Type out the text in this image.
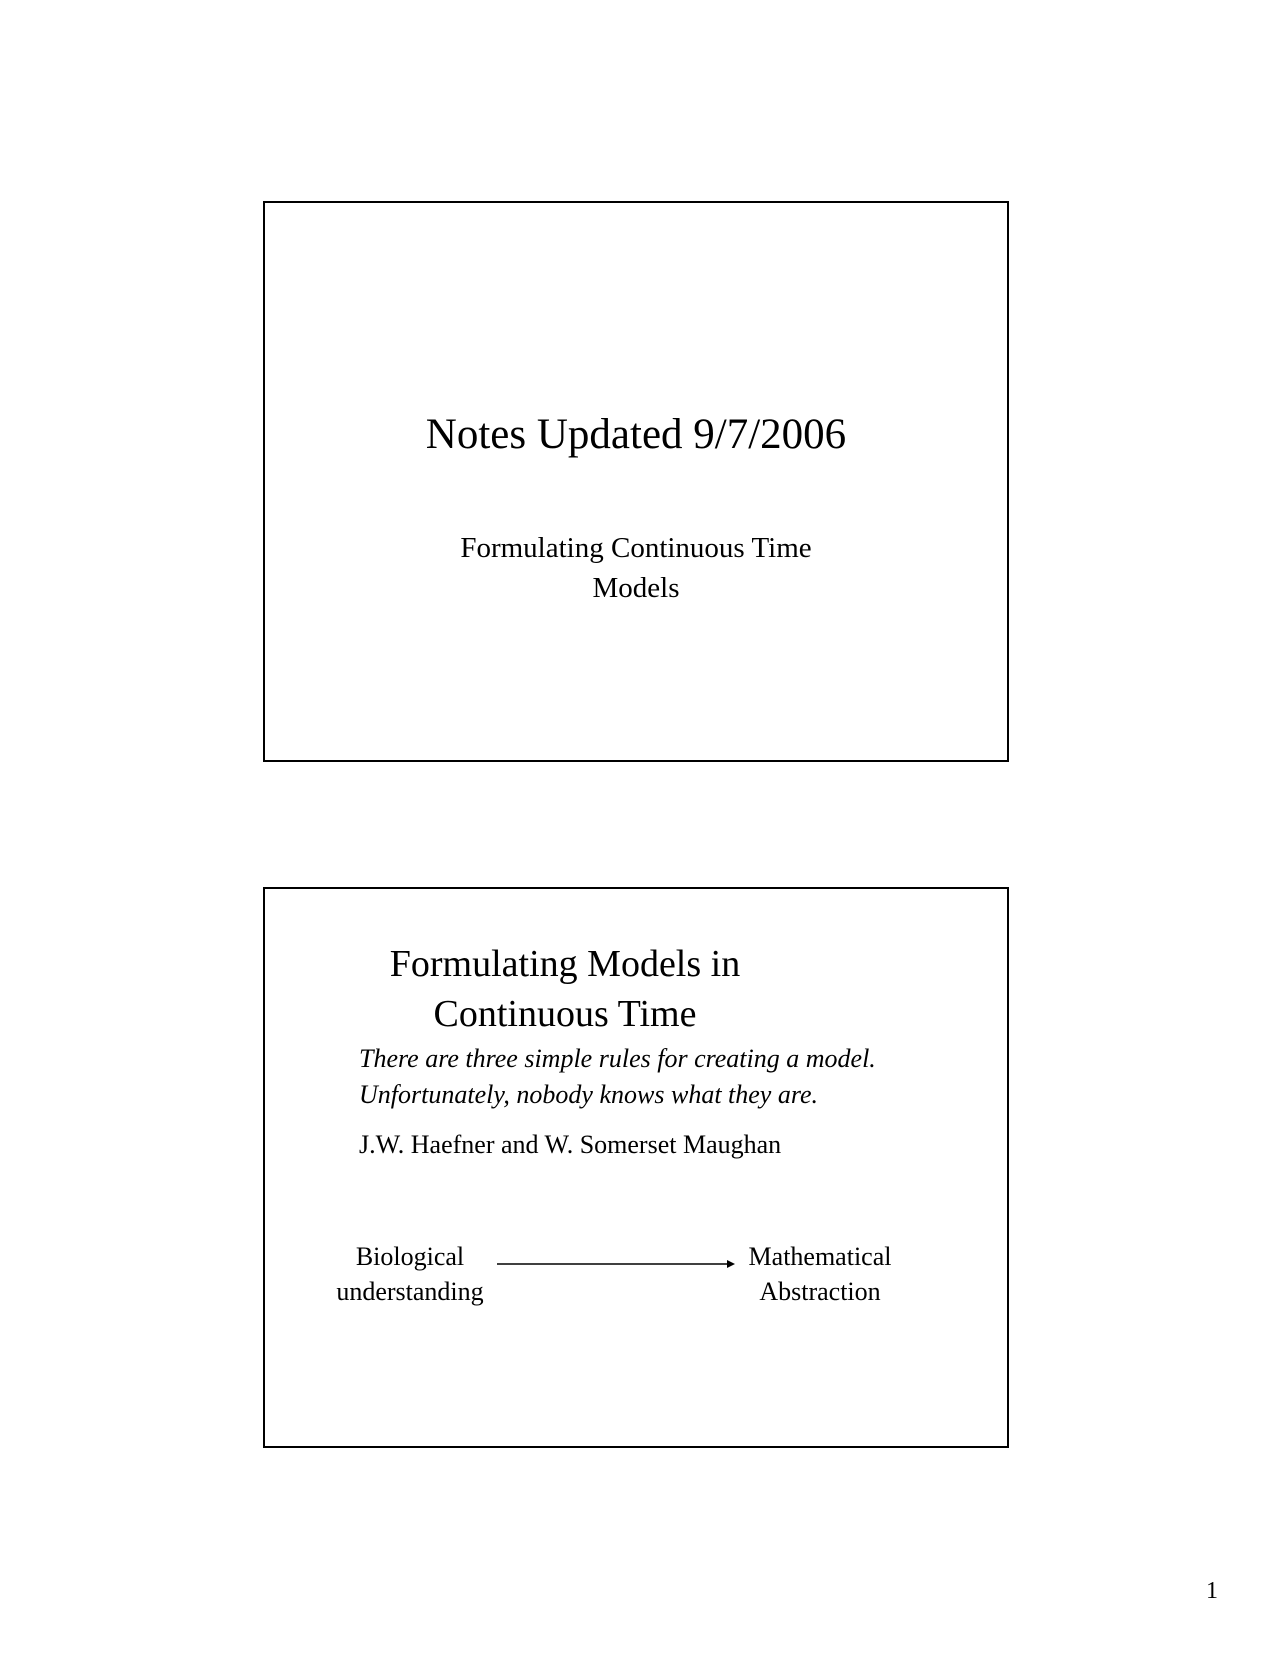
Notes Updated 9/7/2006
Formulating Continuous Time
Models
Formulating Models in
Continuous Time
There are three simple rules for creating a model.
Unfortunately, nobody knows what they are.
J.W. Haefner and W. Somerset Maughan
Biological
understanding
Mathematical
Abstraction
1
